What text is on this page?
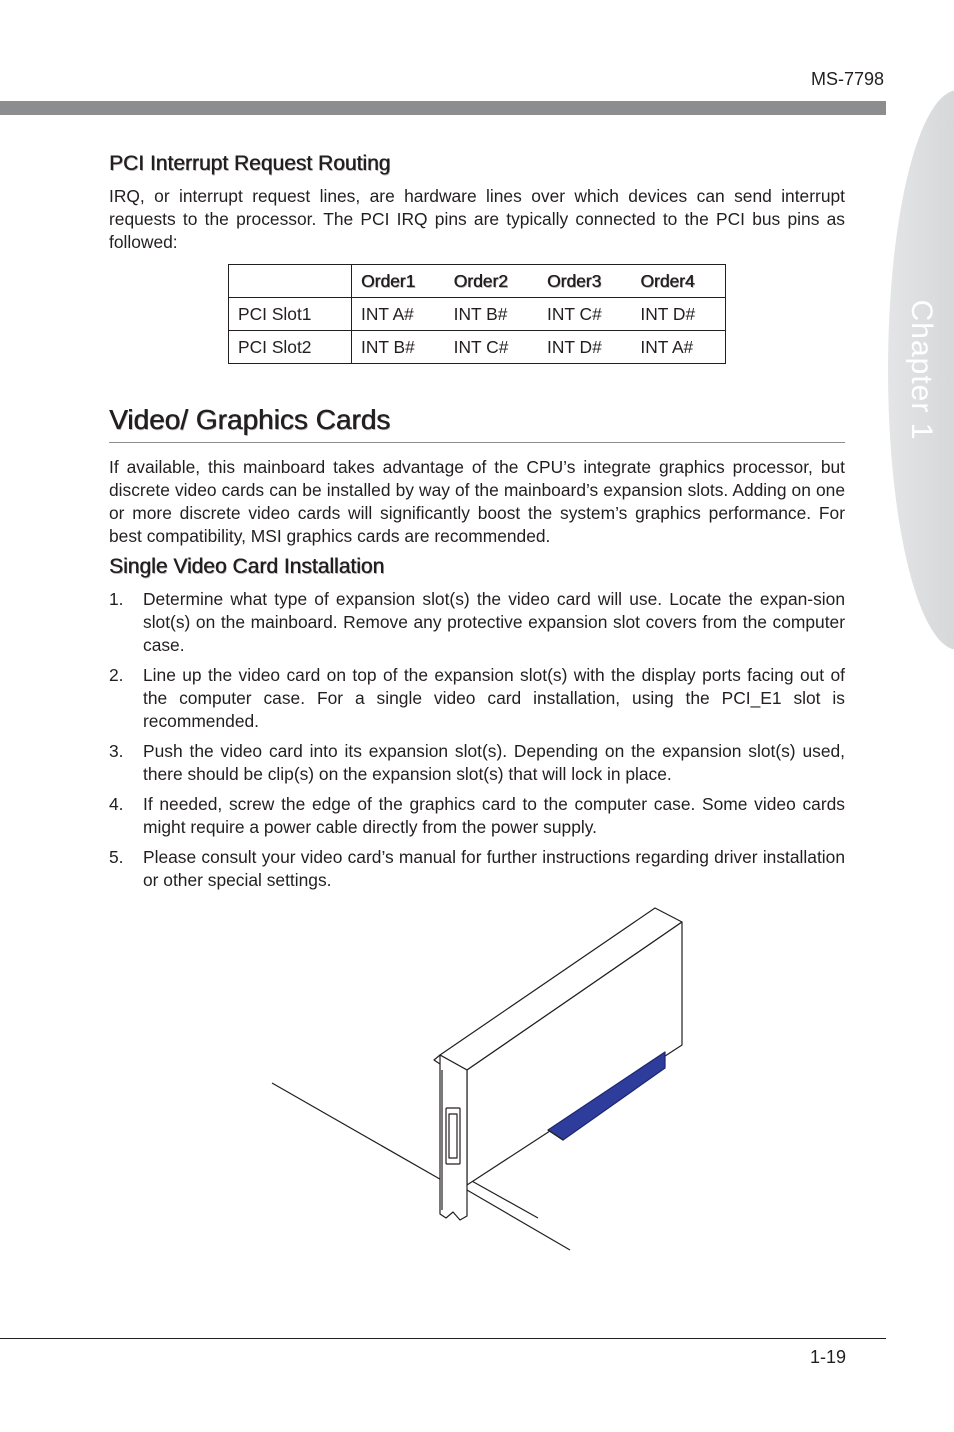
MS-7798
Chapter 1
PCI Interrupt Request Routing

IRQ, or interrupt request lines, are hardware lines over which devices can send interrupt requests to the processor. The PCI IRQ pins are typically connected to the PCI bus pins as followed:

	Order1	Order2	Order3	Order4
PCI Slot1	INT A#	INT B#	INT C#	INT D#
PCI Slot2	INT B#	INT C#	INT D#	INT A#
Video/ Graphics Cards

If available, this mainboard takes advantage of the CPU’s integrate graphics processor, but discrete video cards can be installed by way of the mainboard’s expansion slots. Adding on one or more discrete video cards will significantly boost the system’s graphics performance. For best compatibility, MSI graphics cards are recommended.

Single Video Card Installation
1. Determine what type of expansion slot(s) the video card will use. Locate the expan-sion slot(s) on the mainboard. Remove any protective expansion slot covers from the computer case.
2. Line up the video card on top of the expansion slot(s) with the display ports facing out of the computer case. For a single video card installation, using the PCI_E1 slot is recommended.
3. Push the video card into its expansion slot(s). Depending on the expansion slot(s) used, there should be clip(s) on the expansion slot(s) that will lock in place.
4. If needed, screw the edge of the graphics card to the computer case. Some video cards might require a power cable directly from the power supply.
5. Please consult your video card’s manual for further instructions regarding driver installation or other special settings.
1-19
